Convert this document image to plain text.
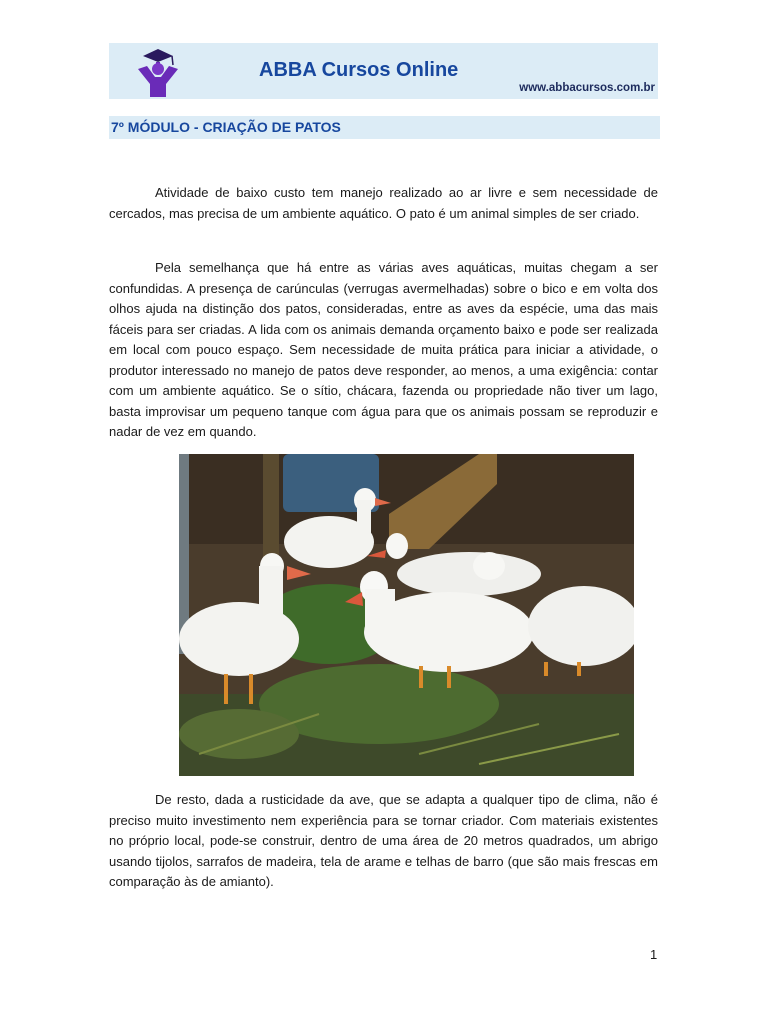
ABBA Cursos Online
www.abbacursos.com.br
7º MÓDULO - CRIAÇÃO DE PATOS

Atividade de baixo custo tem manejo realizado ao ar livre e sem necessidade de cercados, mas precisa de um ambiente aquático. O pato é um animal simples de ser criado.

Pela semelhança que há entre as várias aves aquáticas, muitas chegam a ser confundidas. A presença de carúnculas (verrugas avermelhadas) sobre o bico e em volta dos olhos ajuda na distinção dos patos, consideradas, entre as aves da espécie, uma das mais fáceis para ser criadas. A lida com os animais demanda orçamento baixo e pode ser realizada em local com pouco espaço. Sem necessidade de muita prática para iniciar a atividade, o produtor interessado no manejo de patos deve responder, ao menos, a uma exigência: contar com um ambiente aquático. Se o sítio, chácara, fazenda ou propriedade não tiver um lago, basta improvisar um pequeno tanque com água para que os animais possam se reproduzir e nadar de vez em quando.

De resto, dada a rusticidade da ave, que se adapta a qualquer tipo de clima, não é preciso muito investimento nem experiência para se tornar criador. Com materiais existentes no próprio local, pode-se construir, dentro de uma área de 20 metros quadrados, um abrigo usando tijolos, sarrafos de madeira, tela de arame e telhas de barro (que são mais frescas em comparação às de amianto).

1
